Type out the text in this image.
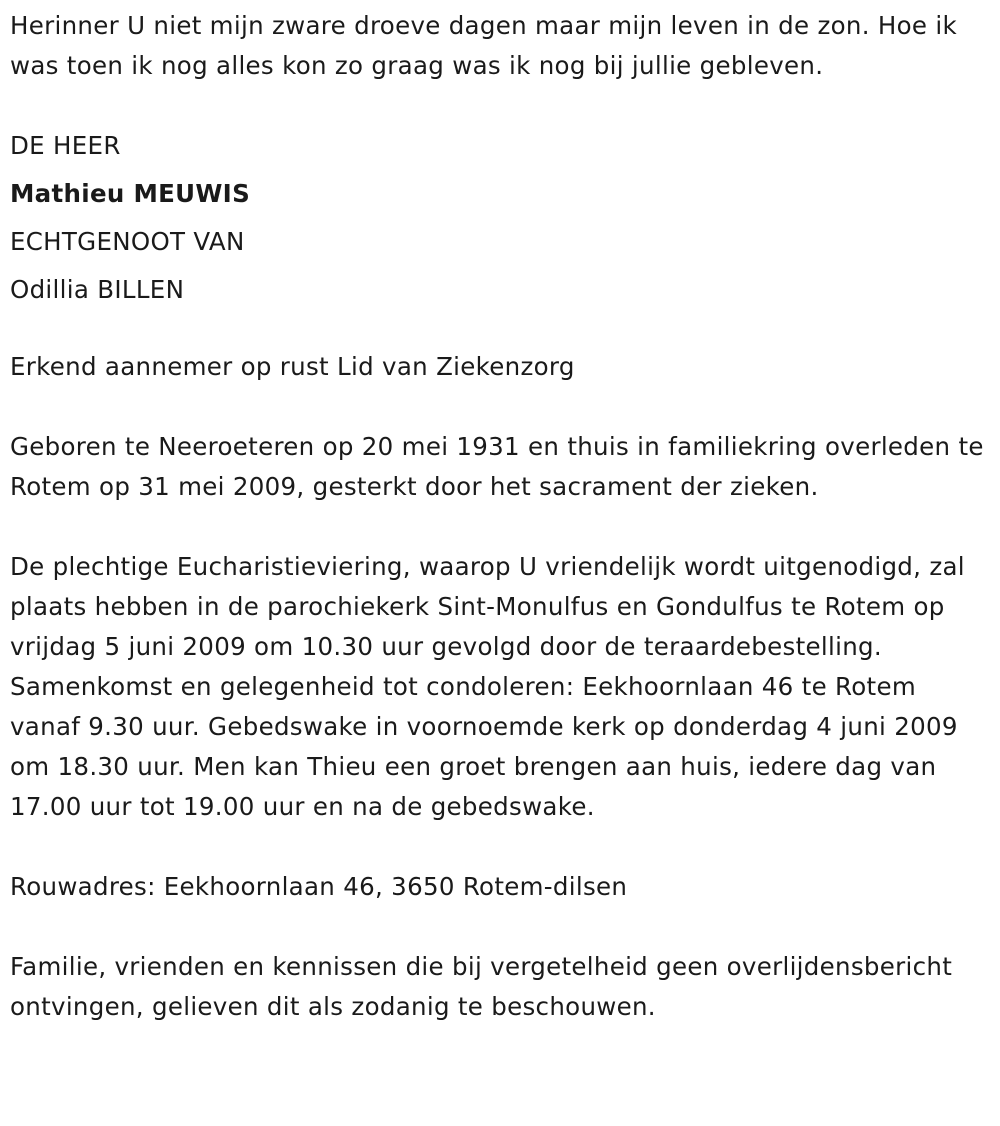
Herinner U niet mijn zware droeve dagen maar mijn leven in de zon. Hoe ik was toen ik nog alles kon zo graag was ik nog bij jullie gebleven.

DE HEER

Mathieu MEUWIS

ECHTGENOOT VAN

Odillia BILLEN

Erkend aannemer op rust Lid van Ziekenzorg

Geboren te Neeroeteren op 20 mei 1931 en thuis in familiekring overleden te Rotem op 31 mei 2009, gesterkt door het sacrament der zieken.

De plechtige Eucharistieviering, waarop U vriendelijk wordt uitgenodigd, zal plaats hebben in de parochiekerk Sint-Monulfus en Gondulfus te Rotem op vrijdag 5 juni 2009 om 10.30 uur gevolgd door de teraardebestelling. Samenkomst en gelegenheid tot condoleren: Eekhoornlaan 46 te Rotem vanaf 9.30 uur. Gebedswake in voornoemde kerk op donderdag 4 juni 2009 om 18.30 uur. Men kan Thieu een groet brengen aan huis, iedere dag van 17.00 uur tot 19.00 uur en na de gebedswake.

Rouwadres: Eekhoornlaan 46, 3650 Rotem-dilsen

Familie, vrienden en kennissen die bij vergetelheid geen overlijdensbericht ontvingen, gelieven dit als zodanig te beschouwen.
